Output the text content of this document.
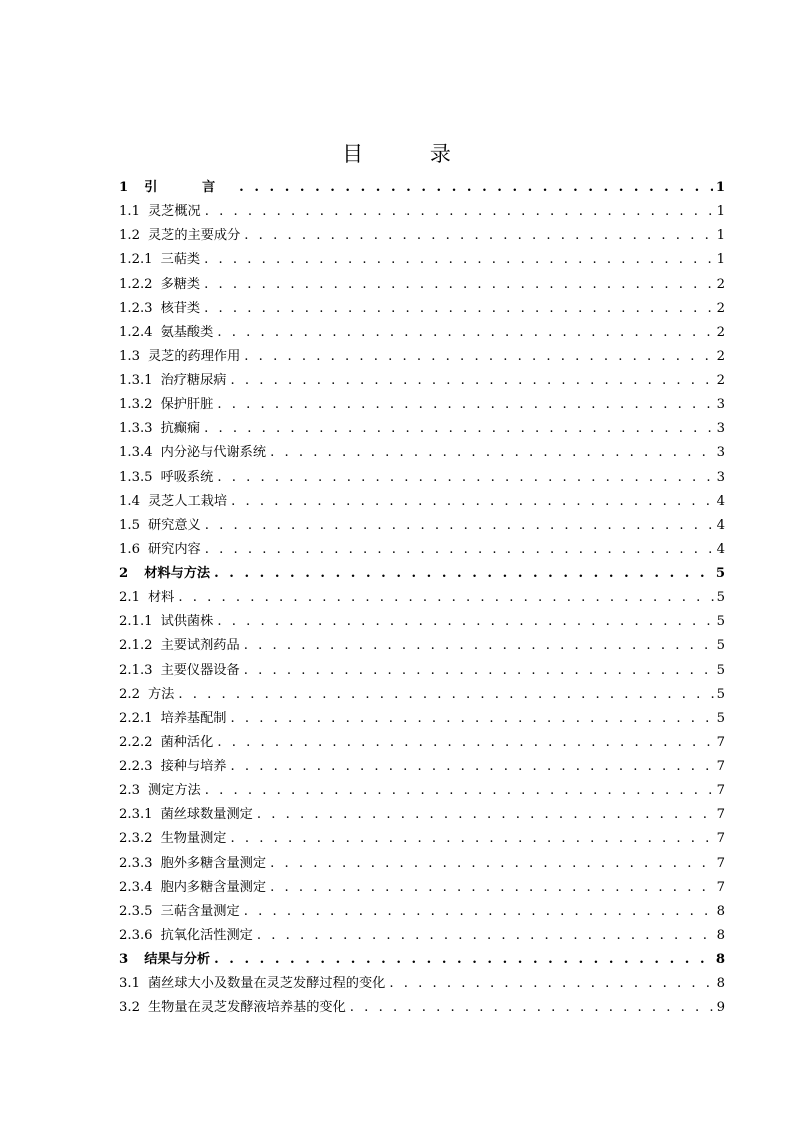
目 录
1 引 言 . . .	1
1.1 灵芝概况 . . .	1
1.2 灵芝的主要成分 . . .	1
1.2.1 三萜类 . . .	1
1.2.2 多糖类 . . .	2
1.2.3 核苷类 . . .	2
1.2.4 氨基酸类 . . .	2
1.3 灵芝的药理作用 . . .	2
1.3.1 治疗糖尿病 . . .	2
1.3.2 保护肝脏 . . .	3
1.3.3 抗癫痫 . . .	3
1.3.4 内分泌与代谢系统 . . .	3
1.3.5 呼吸系统 . . .	3
1.4 灵芝人工栽培 . . .	4
1.5 研究意义 . . .	4
1.6 研究内容 . . .	4
2 材料与方法 . . .	5
2.1 材料 . . .	5
2.1.1 试供菌株 . . .	5
2.1.2 主要试剂药品 . . .	5
2.1.3 主要仪器设备 . . .	5
2.2 方法 . . .	5
2.2.1 培养基配制 . . .	5
2.2.2 菌种活化 . . .	7
2.2.3 接种与培养 . . .	7
2.3 测定方法 . . .	7
2.3.1 菌丝球数量测定 . . .	7
2.3.2 生物量测定 . . .	7
2.3.3 胞外多糖含量测定 . . .	7
2.3.4 胞内多糖含量测定 . . .	7
2.3.5 三萜含量测定 . . .	8
2.3.6 抗氧化活性测定 . . .	8
3 结果与分析 . . .	8
3.1 菌丝球大小及数量在灵芝发酵过程的变化 . . .	8
3.2 生物量在灵芝发酵液培养基的变化 . . .	9
